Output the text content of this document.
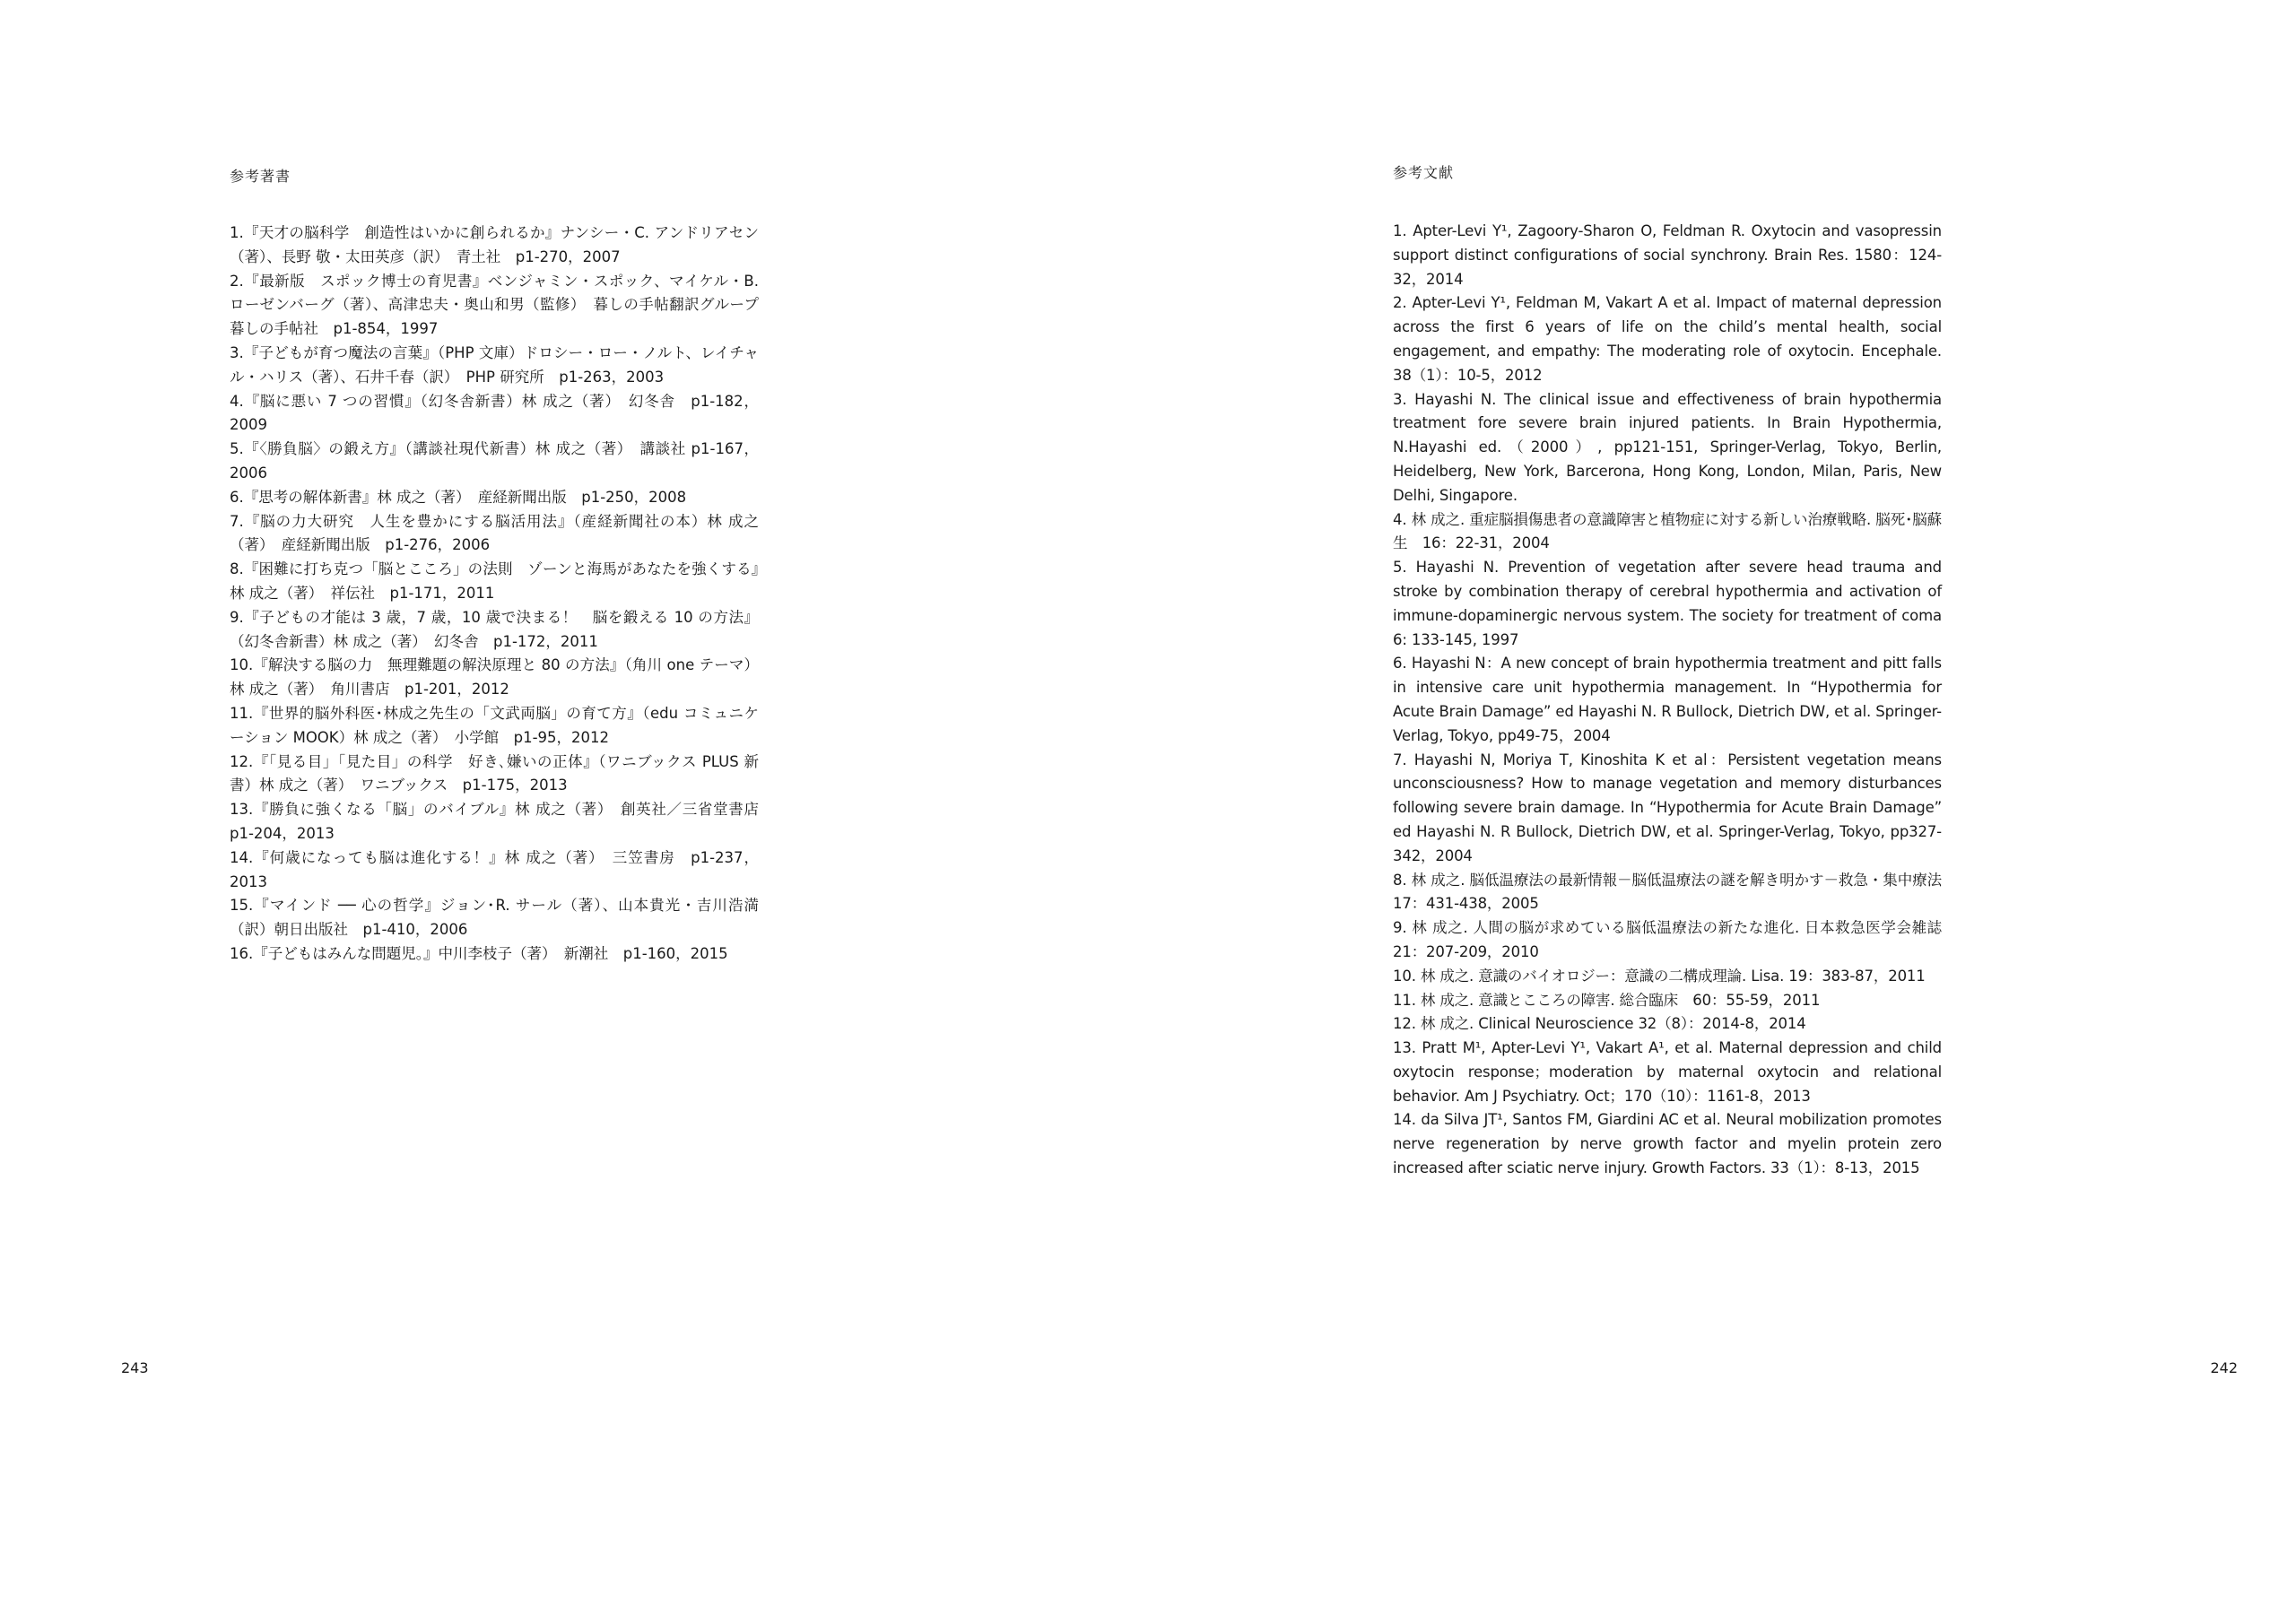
参考著書
1.『天才の脳科学　創造性はいかに創られるか』ナンシー・C. アンドリアセン（著）、長野 敬・太田英彦（訳）　青土社　p1-270，2007
2.『最新版　スポック博士の育児書』ベンジャミン・スポック、マイケル・B. ローゼンバーグ（著）、高津忠夫・奥山和男（監修）　暮しの手帖翻訳グループ　暮しの手帖社　p1-854，1997
3.『子どもが育つ魔法の言葉』（PHP 文庫）ドロシー・ロー・ノルト、レイチャル・ハリス（著）、石井千春（訳）　PHP 研究所　p1-263，2003
4.『脳に悪い 7 つの習慣』（幻冬舎新書）林 成之（著）　幻冬舎　p1-182，2009
5.『〈勝負脳〉の鍛え方』（講談社現代新書）林 成之（著）　講談社 p1-167，2006
6.『思考の解体新書』林 成之（著）　産経新聞出版　p1-250，2008
7.『脳の力大研究　人生を豊かにする脳活用法』（産経新聞社の本）林 成之（著）　産経新聞出版　p1-276，2006
8.『困難に打ち克つ「脳とこころ」の法則　ゾーンと海馬があなたを強くする』林 成之（著）　祥伝社　p1-171，2011
9.『子どもの才能は 3 歳，7 歳，10 歳で決まる！　脳を鍛える 10 の方法』（幻冬舎新書）林 成之（著）　幻冬舎　p1-172，2011
10.『解決する脳の力　無理難題の解決原理と 80 の方法』（角川 one テーマ）林 成之（著）　角川書店　p1-201，2012
11.『世界的脳外科医･林成之先生の「文武両脳」の育て方』（edu コミュニケーション MOOK）林 成之（著）　小学館　p1-95，2012
12.『「見る目」「見た目」の科学　好き､嫌いの正体』（ワニブックス PLUS 新書）林 成之（著）　ワニブックス　p1-175，2013
13.『勝負に強くなる「脳」のバイブル』林 成之（著）　創英社／三省堂書店 p1-204，2013
14.『何歳になっても脳は進化する！』林 成之（著）　三笠書房　p1-237，2013
15.『マインド ── 心の哲学』ジョン･R. サール（著）、山本貴光・吉川浩満（訳）朝日出版社　p1-410，2006
16.『子どもはみんな問題児。』中川李枝子（著）　新潮社　p1-160，2015
243
参考文献
1. Apter-Levi Y¹, Zagoory-Sharon O, Feldman R. Oxytocin and vasopressin support distinct configurations of social synchrony. Brain Res. 1580：124-32，2014
2. Apter-Levi Y¹, Feldman M, Vakart A et al. Impact of maternal depression across the first 6 years of life on the child’s mental health, social engagement, and empathy: The moderating role of oxytocin. Encephale. 38（1）：10-5，2012
3. Hayashi N. The clinical issue and effectiveness of brain hypothermia treatment fore severe brain injured patients. In Brain Hypothermia, N.Hayashi ed.（2000）, pp121-151, Springer-Verlag, Tokyo, Berlin, Heidelberg, New York, Barcerona, Hong Kong, London, Milan, Paris, New Delhi, Singapore.
4. 林 成之. 重症脳損傷患者の意識障害と植物症に対する新しい治療戦略. 脳死･脳蘇生　16：22-31，2004
5. Hayashi N. Prevention of vegetation after severe head trauma and stroke by combination therapy of cerebral hypothermia and activation of immune-dopaminergic nervous system. The society for treatment of coma 6: 133-145, 1997
6. Hayashi N：A new concept of brain hypothermia treatment and pitt falls in intensive care unit hypothermia management. In “Hypothermia for Acute Brain Damage” ed Hayashi N. R Bullock, Dietrich DW, et al. Springer-Verlag, Tokyo, pp49-75，2004
7. Hayashi N, Moriya T, Kinoshita K et al：Persistent vegetation means unconsciousness? How to manage vegetation and memory disturbances following severe brain damage. In “Hypothermia for Acute Brain Damage” ed Hayashi N. R Bullock, Dietrich DW, et al. Springer-Verlag, Tokyo, pp327-342，2004
8. 林 成之. 脳低温療法の最新情報－脳低温療法の謎を解き明かす－救急・集中療法　17：431-438，2005
9. 林 成之. 人間の脳が求めている脳低温療法の新たな進化. 日本救急医学会雑誌　21：207-209，2010
10. 林 成之. 意識のバイオロジー：意識の二構成理論. Lisa. 19：383-87，2011
11. 林 成之. 意識とこころの障害. 総合臨床　60：55-59，2011
12. 林 成之. Clinical Neuroscience 32（8）：2014-8，2014
13. Pratt M¹, Apter-Levi Y¹, Vakart A¹, et al. Maternal depression and child oxytocin response；moderation by maternal oxytocin and relational behavior. Am J Psychiatry. Oct；170（10）：1161-8，2013
14. da Silva JT¹, Santos FM, Giardini AC et al. Neural mobilization promotes nerve regeneration by nerve growth factor and myelin protein zero increased after sciatic nerve injury. Growth Factors. 33（1）：8-13，2015
242
